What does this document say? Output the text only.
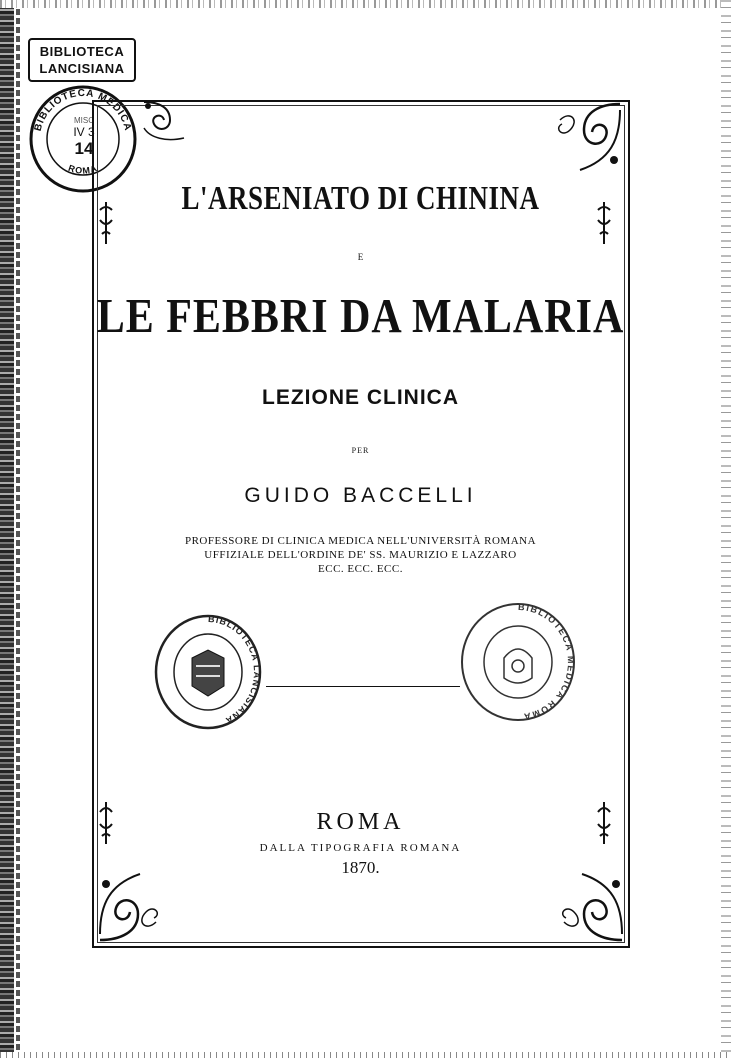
BIBLIOTECA
LANCISIANA
BIBLIOTECA MEDICA
ROMA
MISC
IV 3
14
L'ARSENIATO DI CHININA
E
LE FEBBRI DA MALARIA
LEZIONE CLINICA
PER
GUIDO BACCELLI
PROFESSORE DI CLINICA MEDICA NELL'UNIVERSITÀ ROMANA
UFFIZIALE DELL'ORDINE DE' SS. MAURIZIO E LAZZARO
ECC. ECC. ECC.
BIBLIOTECA LANCISIANA
BIBLIOTECA MEDICA ROMA
ROMA
DALLA TIPOGRAFIA ROMANA
1870.
